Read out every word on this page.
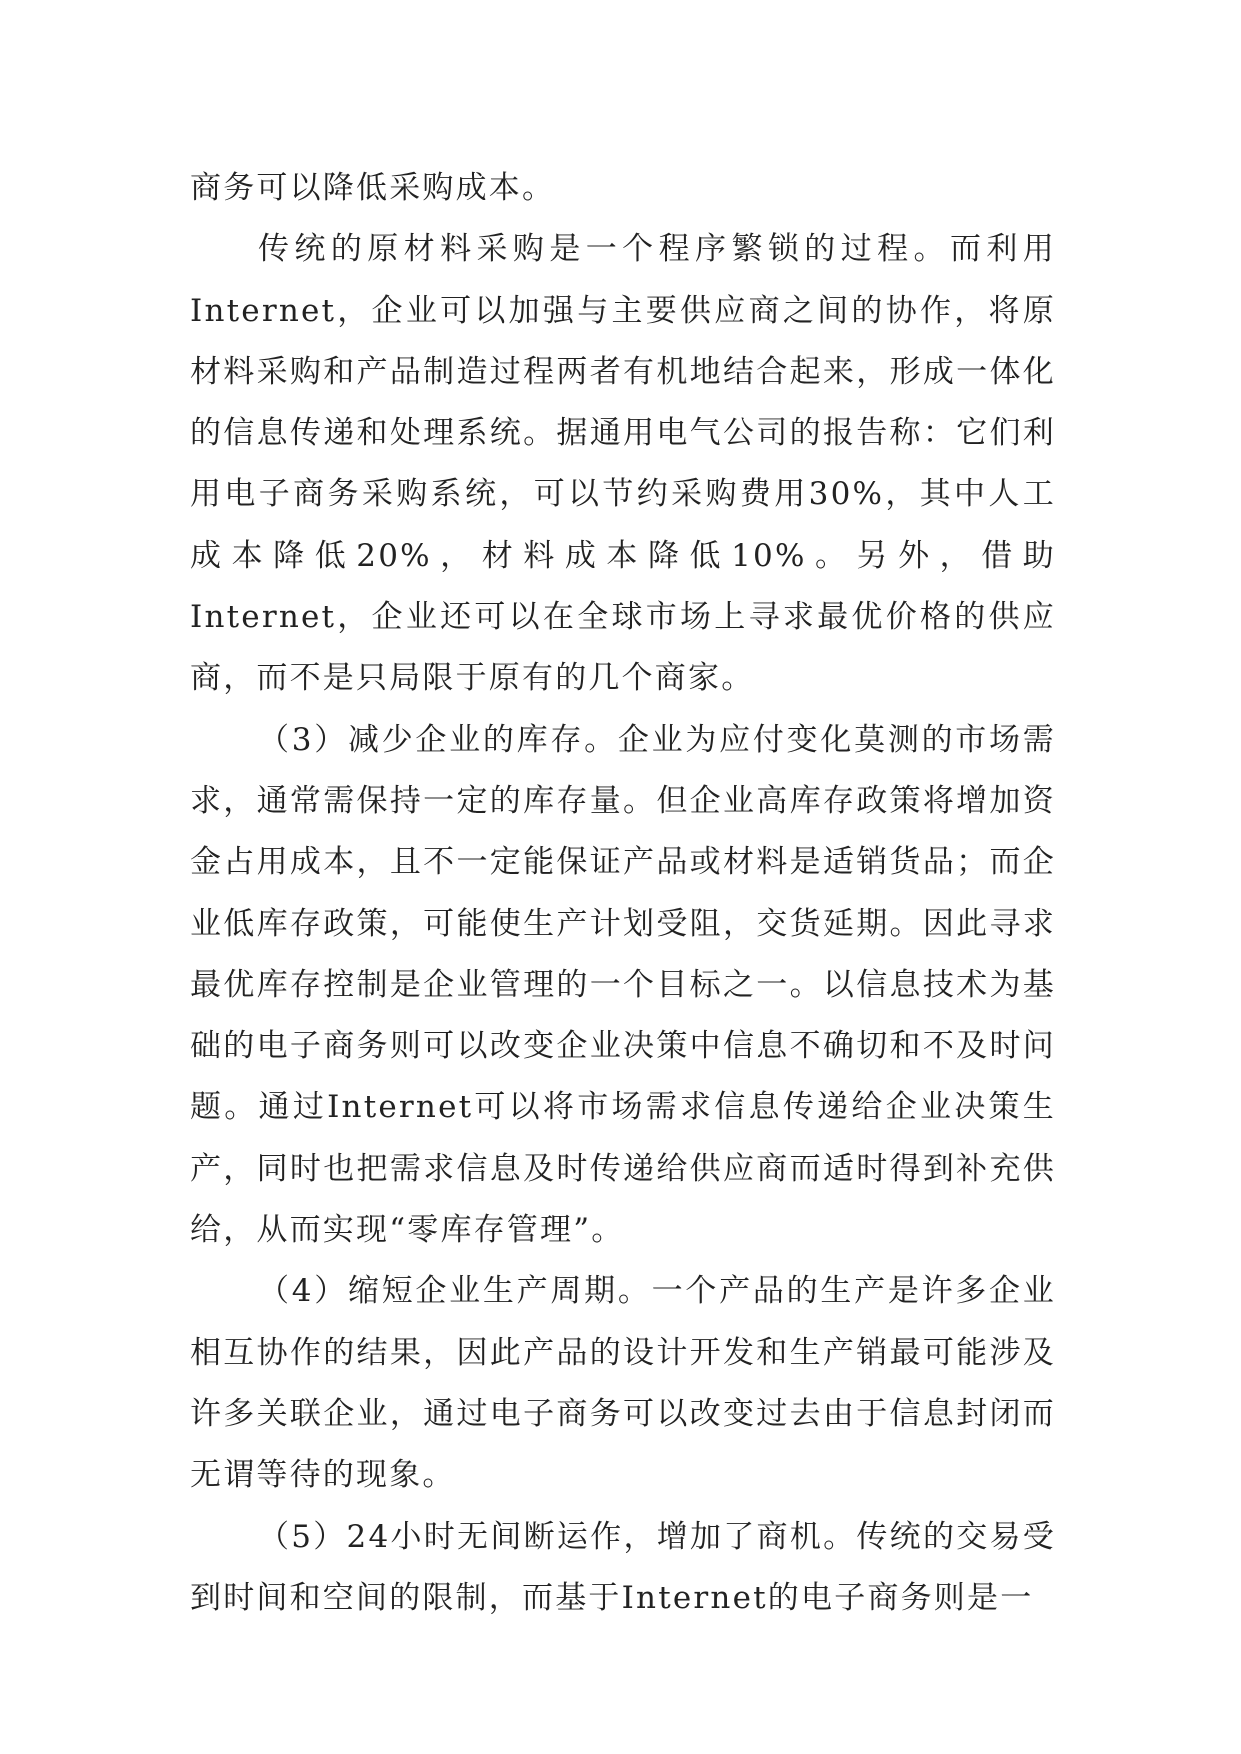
商务可以降低采购成本。

传统的原材料采购是一个程序繁锁的过程。而利用Internet，企业可以加强与主要供应商之间的协作，将原材料采购和产品制造过程两者有机地结合起来，形成一体化的信息传递和处理系统。据通用电气公司的报告称：它们利用电子商务采购系统，可以节约采购费用30%，其中人工成本降低20%，材料成本降低10%。另外，借助Internet，企业还可以在全球市场上寻求最优价格的供应商，而不是只局限于原有的几个商家。

（3）减少企业的库存。企业为应付变化莫测的市场需求，通常需保持一定的库存量。但企业高库存政策将增加资金占用成本，且不一定能保证产品或材料是适销货品；而企业低库存政策，可能使生产计划受阻，交货延期。因此寻求最优库存控制是企业管理的一个目标之一。以信息技术为基础的电子商务则可以改变企业决策中信息不确切和不及时问题。通过Internet可以将市场需求信息传递给企业决策生产，同时也把需求信息及时传递给供应商而适时得到补充供给，从而实现“零库存管理”。

（4）缩短企业生产周期。一个产品的生产是许多企业相互协作的结果，因此产品的设计开发和生产销最可能涉及许多关联企业，通过电子商务可以改变过去由于信息封闭而无谓等待的现象。

（5）24小时无间断运作，增加了商机。传统的交易受到时间和空间的限制，而基于Internet的电子商务则是一
